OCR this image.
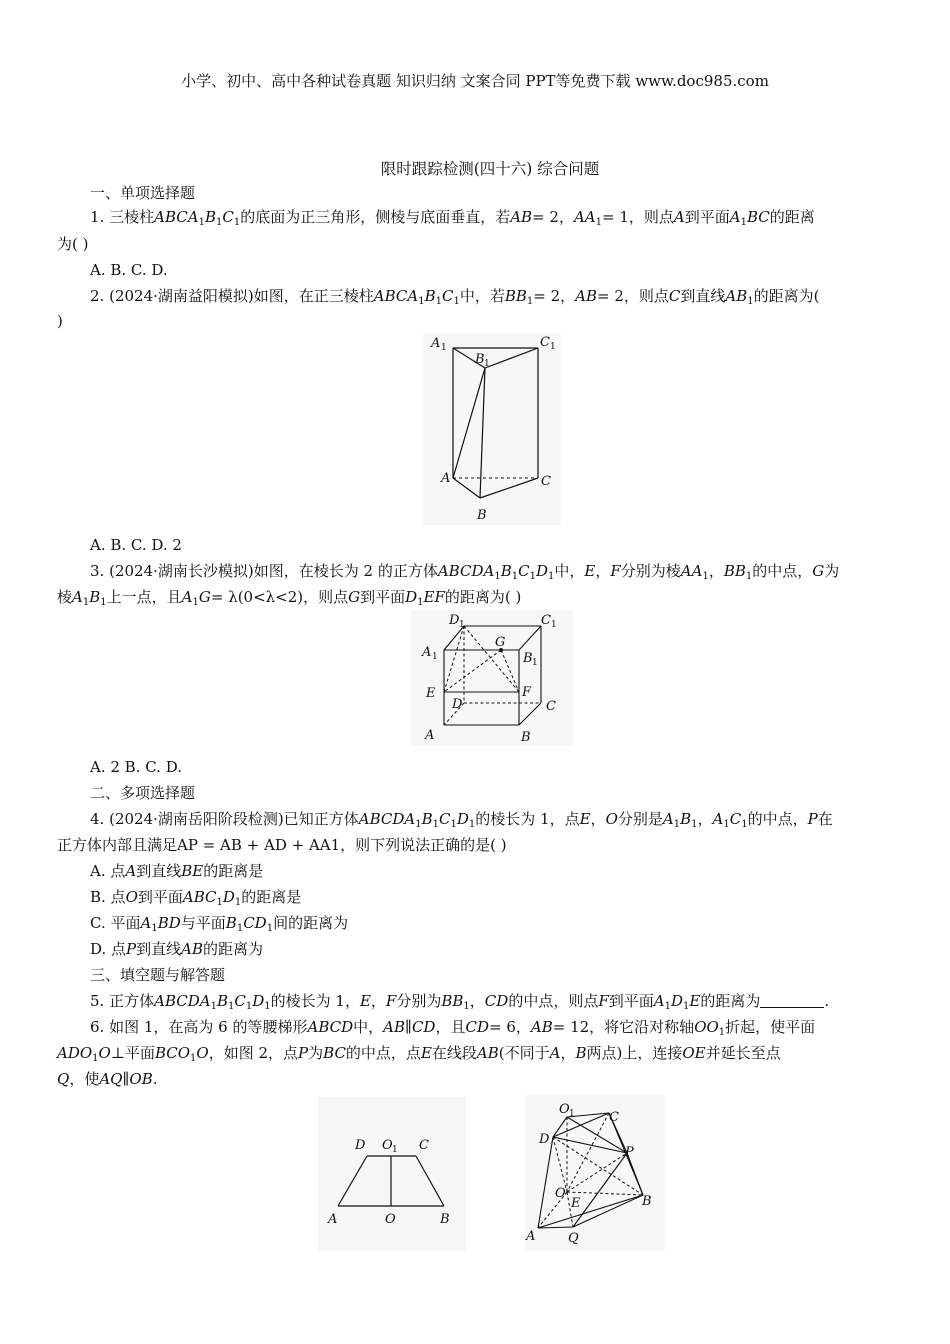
小学、初中、高中各种试卷真题 知识归纳 文案合同 PPT等免费下载 www.doc985.com
限时跟踪检测(四十六) 综合问题
一、单项选择题
1. 三棱柱$ABCA_1B_1C_1$的底面为正三角形，侧棱与底面垂直，若AB= 2，$AA_1= 1$，则点A到平面$A_1BC$的距离
为( )
A. B. C. D.
2. (2024·湖南益阳模拟)如图，在正三棱柱$ABCA_1B_1C_1$中，若$BB_1= 2$，AB= 2，则点C到直线$AB_1$的距离为(
)
A 1
B 1
C 1
A	C
B
A. B. C. D. 2
3. (2024·湖南长沙模拟)如图，在棱长为 2 的正方体$ABCDA_1B_1C_1D_1$中，E，F分别为棱$AA_1$，$BB_1$的中点，G为
棱$A_1B_1$上一点，且$A_1G= \lambda(0<\lambda<2)$，则点G到平面$D_1EF$的距离为( )
D 1
G
C 1
A 1	B 1
E	F
D	C
A	B
A. 2 B. C. D.
二、多项选择题
4. (2024·湖南岳阳阶段检测)已知正方体$ABCDA_1B_1C_1D_1$的棱长为 1，点E，O分别是$A_1B_1$，$A_1C_1$的中点，P在
正方体内部且满足AP = AB + AD + AA1，则下列说法正确的是( )
A. 点A到直线BE的距离是
B. 点O到平面$ABC_1D_1$的距离是
C. 平面$A_1BD$与平面$B_1CD_1$间的距离为
D. 点P到直线AB的距离为
三、填空题与解答题
5. 正方体$ABCDA_1B_1C_1D_1$的棱长为 1，E，F分别为$BB_1$，CD的中点，则点F到平面$A_1D_1E$的距离为	.
6. 如图 1，在高为 6 的等腰梯形ABCD中，AB∥CD，且CD= 6，AB= 12，将它沿对称轴$OO_1$折起，使平面
$ADO_1O\perp$平面$BCO_1O$，如图 2，点P为BC的中点，点E在线段AB(不同于A，B两点)上，连接OE并延长至点
Q，使AQ∥OB.
D O 1 C
A	O	B
O 1	C
D
P
O
E	B
A	Q
